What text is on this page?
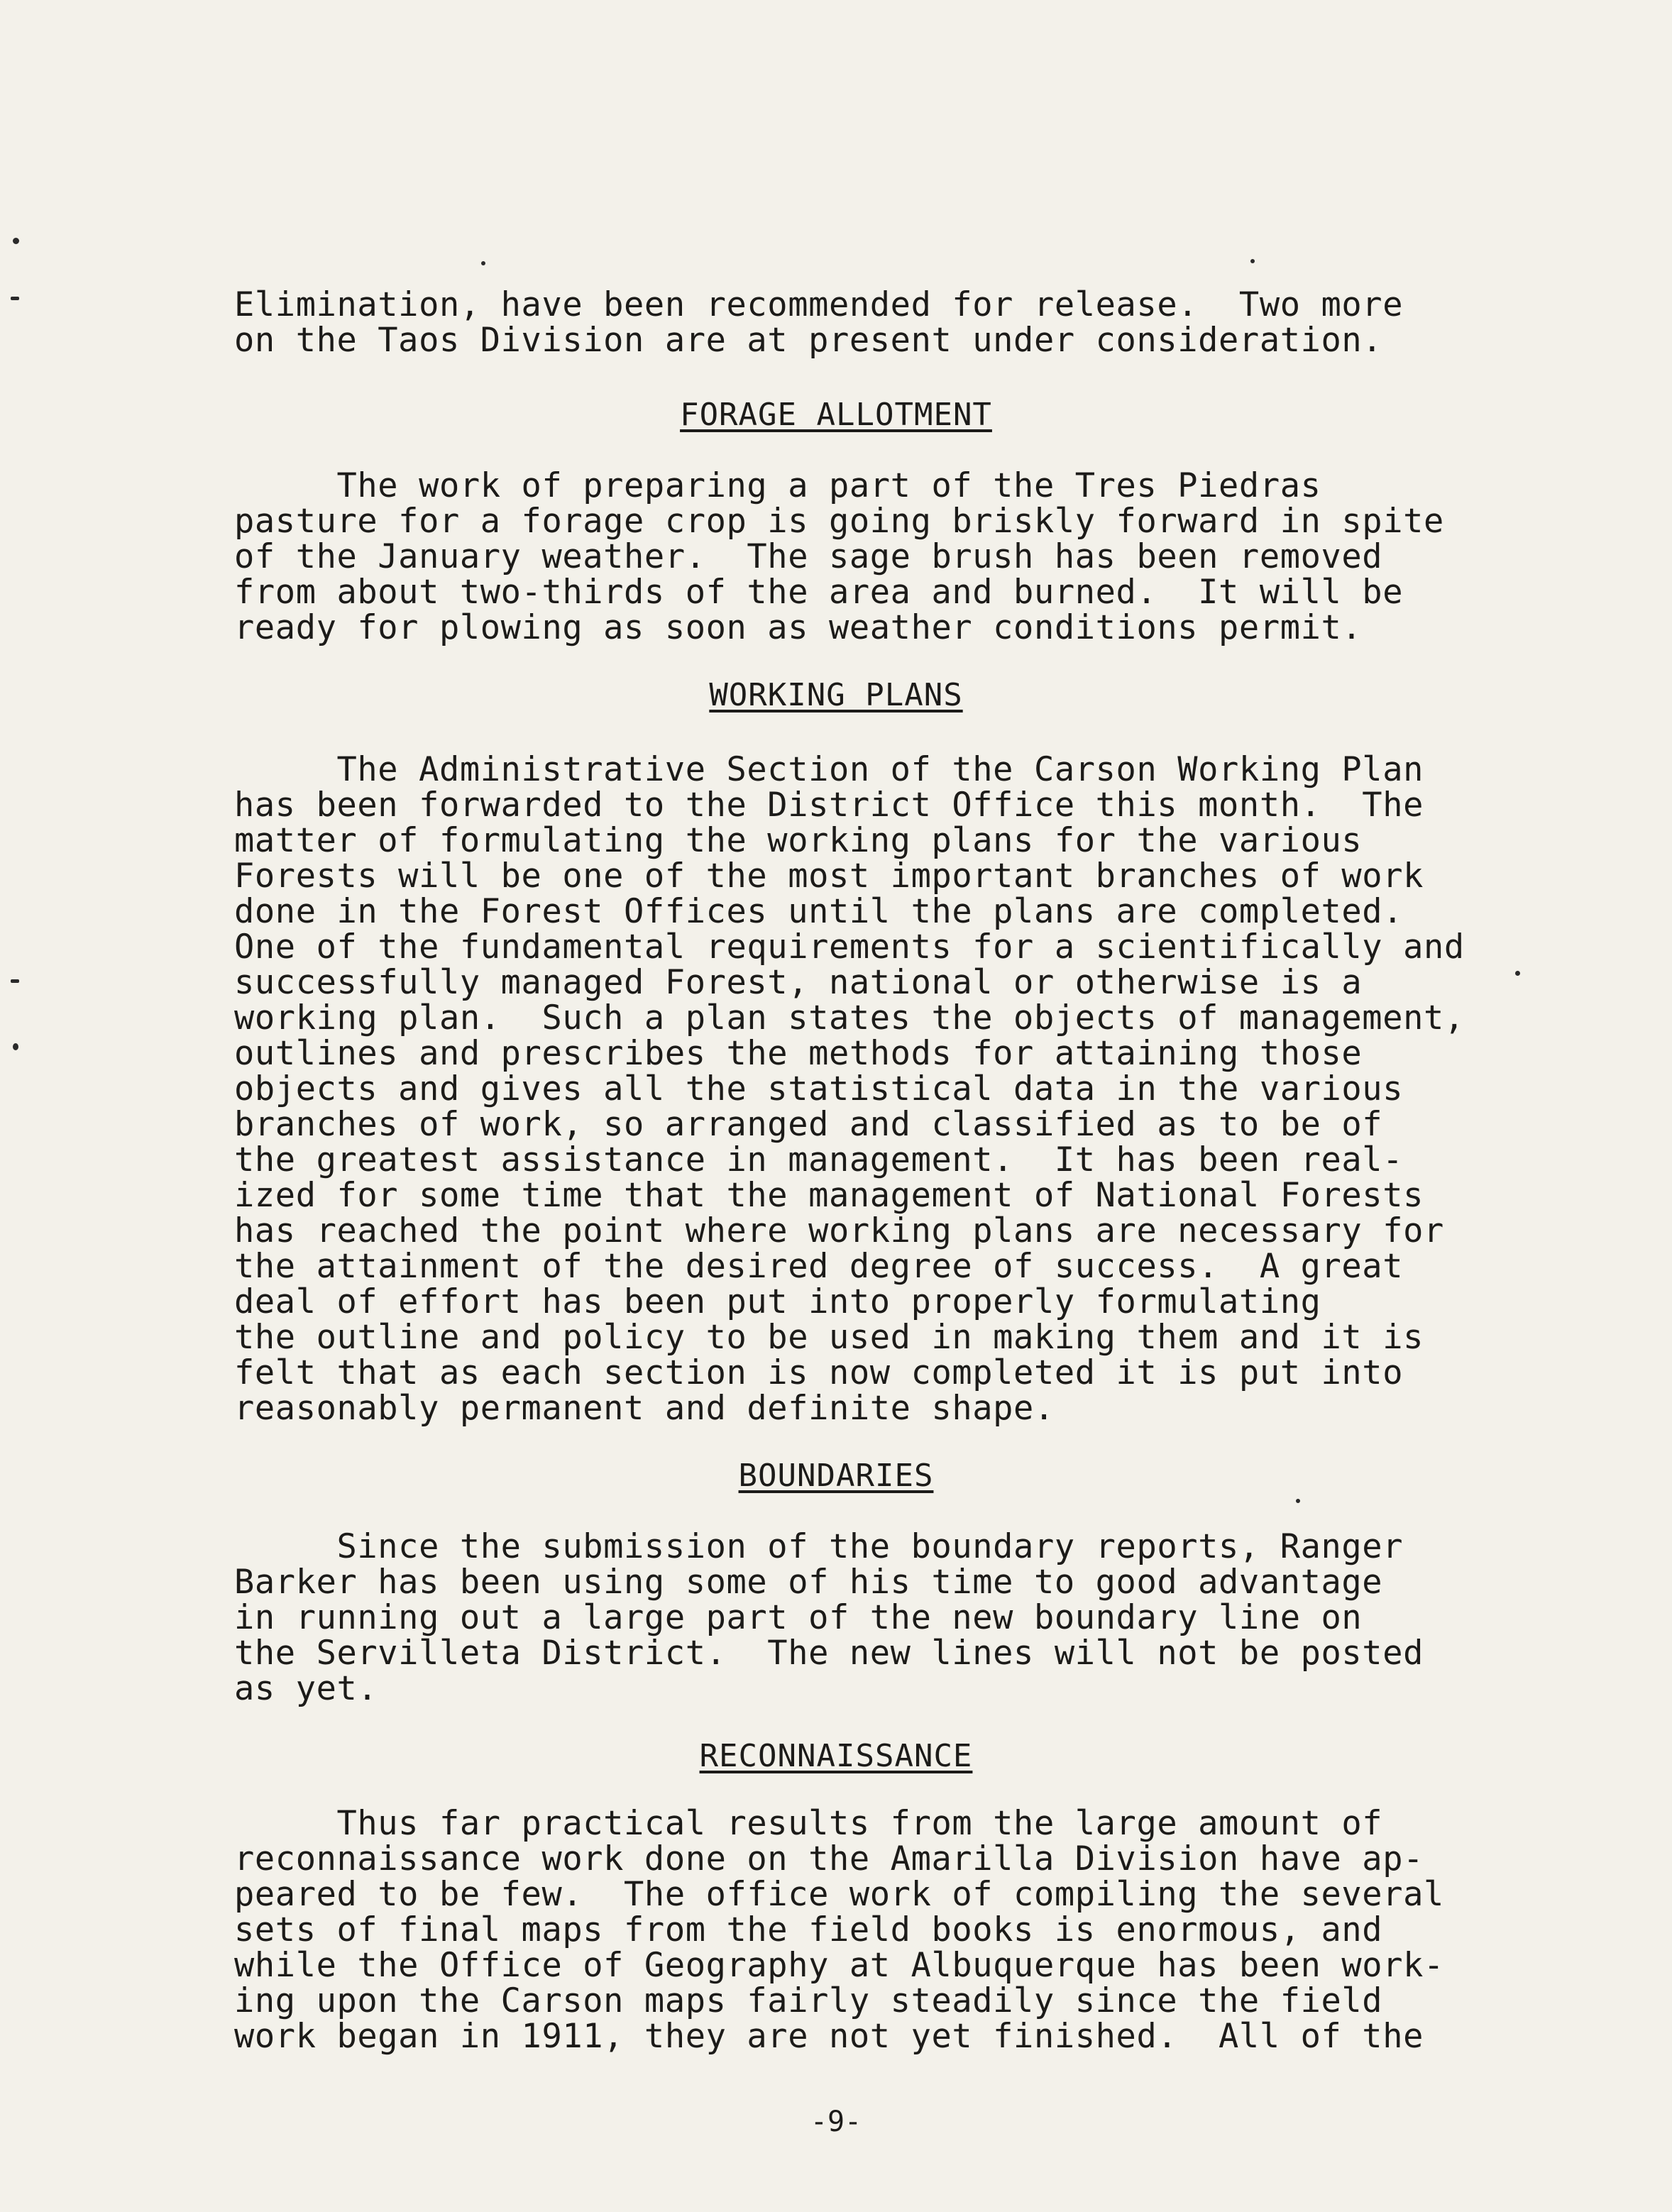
Elimination, have been recommended for release.  Two more
on the Taos Division are at present under consideration.
FORAGE ALLOTMENT
The work of preparing a part of the Tres Piedras
pasture for a forage crop is going briskly forward in spite
of the January weather.  The sage brush has been removed
from about two-thirds of the area and burned.  It will be
ready for plowing as soon as weather conditions permit.
WORKING PLANS
The Administrative Section of the Carson Working Plan
has been forwarded to the District Office this month.  The
matter of formulating the working plans for the various
Forests will be one of the most important branches of work
done in the Forest Offices until the plans are completed.
One of the fundamental requirements for a scientifically and
successfully managed Forest, national or otherwise is a
working plan.  Such a plan states the objects of management,
outlines and prescribes the methods for attaining those
objects and gives all the statistical data in the various
branches of work, so arranged and classified as to be of
the greatest assistance in management.  It has been real-
ized for some time that the management of National Forests
has reached the point where working plans are necessary for
the attainment of the desired degree of success.  A great
deal of effort has been put into properly formulating
the outline and policy to be used in making them and it is
felt that as each section is now completed it is put into
reasonably permanent and definite shape.
BOUNDARIES
Since the submission of the boundary reports, Ranger
Barker has been using some of his time to good advantage
in running out a large part of the new boundary line on
the Servilleta District.  The new lines will not be posted
as yet.
RECONNAISSANCE
Thus far practical results from the large amount of
reconnaissance work done on the Amarilla Division have ap-
peared to be few.  The office work of compiling the several
sets of final maps from the field books is enormous, and
while the Office of Geography at Albuquerque has been work-
ing upon the Carson maps fairly steadily since the field
work began in 1911, they are not yet finished.  All of the
-9-
